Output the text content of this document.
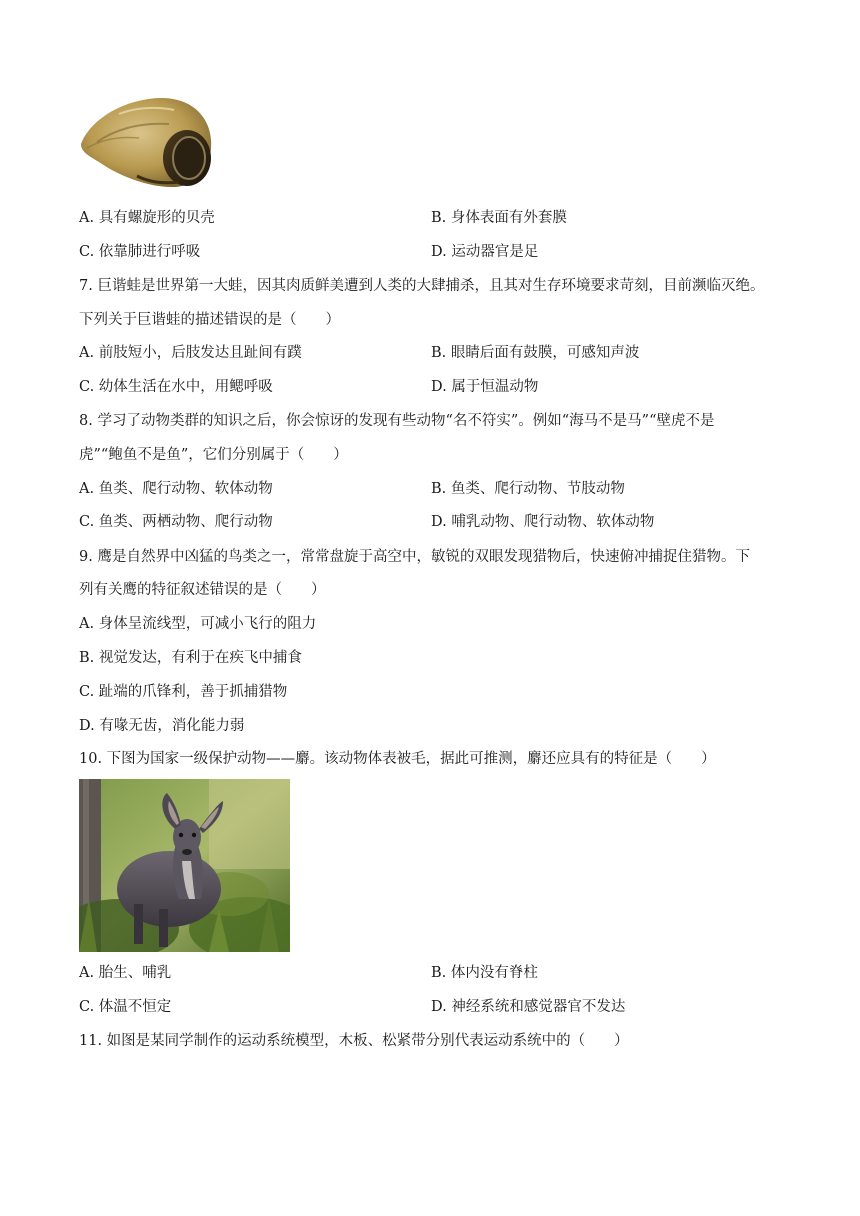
A. 具有螺旋形的贝壳	B. 身体表面有外套膜
C. 依靠肺进行呼吸	D. 运动器官是足
7. 巨谐蛙是世界第一大蛙，因其肉质鲜美遭到人类的大肆捕杀，且其对生存环境要求苛刻，目前濒临灭绝。
下列关于巨谐蛙的描述错误的是（　　）
A. 前肢短小，后肢发达且趾间有蹼	B. 眼睛后面有鼓膜，可感知声波
C. 幼体生活在水中，用鳃呼吸	D. 属于恒温动物
8. 学习了动物类群的知识之后，你会惊讶的发现有些动物“名不符实”。例如“海马不是马”“壁虎不是
虎”“鲍鱼不是鱼”，它们分别属于（　　）
A. 鱼类、爬行动物、软体动物	B. 鱼类、爬行动物、节肢动物
C. 鱼类、两栖动物、爬行动物	D. 哺乳动物、爬行动物、软体动物
9. 鹰是自然界中凶猛的鸟类之一，常常盘旋于高空中，敏锐的双眼发现猎物后，快速俯冲捕捉住猎物。下
列有关鹰的特征叙述错误的是（　　）
A. 身体呈流线型，可减小飞行的阻力
B. 视觉发达，有利于在疾飞中捕食
C. 趾端的爪锋利，善于抓捕猎物
D. 有喙无齿，消化能力弱
10. 下图为国家一级保护动物——麝。该动物体表被毛，据此可推测，麝还应具有的特征是（　　）
A. 胎生、哺乳	B. 体内没有脊柱
C. 体温不恒定	D. 神经系统和感觉器官不发达
11. 如图是某同学制作的运动系统模型，木板、松紧带分别代表运动系统中的（　　）
